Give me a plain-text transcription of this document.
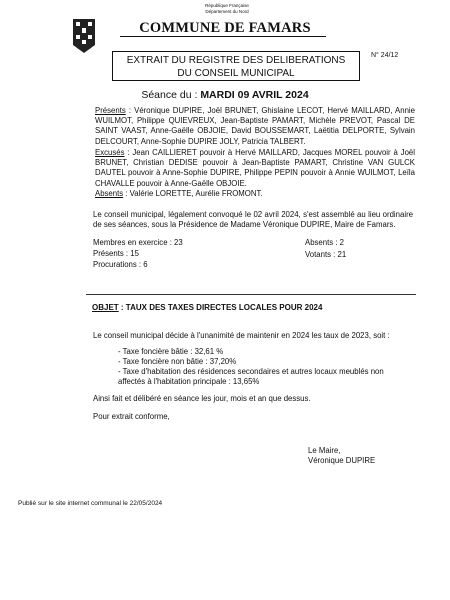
République Française
Département du Nord
COMMUNE DE FAMARS
EXTRAIT DU REGISTRE DES DELIBERATIONS
DU CONSEIL MUNICIPAL
N° 24/12
Séance du : MARDI 09 AVRIL 2024
Présents : Véronique DUPIRE, Joël BRUNET, Ghislaine LECOT, Hervé MAILLARD, Annie WUILMOT, Philippe QUIEVREUX, Jean-Baptiste PAMART, Michèle PREVOT, Pascal DE SAINT VAAST, Anne-Gaëlle OBJOIE, David BOUSSEMART, Laëtitia DELPORTE, Sylvain DELCOURT, Anne-Sophie DUPIRE JOLY, Patricia TALBERT.
Excusés : Jean CAILLIERET pouvoir à Hervé MAILLARD, Jacques MOREL pouvoir à Joël BRUNET, Christian DEDISE pouvoir à Jean-Baptiste PAMART, Christine VAN GULCK DAUTEL pouvoir à Anne-Sophie DUPIRE, Philippe PEPIN pouvoir à Annie WUILMOT, Leïla CHAVALLE pouvoir à Anne-Gaëlle OBJOIE.
Absents : Valérie LORETTE, Aurélie FROMONT.
Le conseil municipal, légalement convoqué le 02 avril 2024, s'est assemblé au lieu ordinaire de ses séances, sous la Présidence de Madame Véronique DUPIRE, Maire de Famars.
Membres en exercice : 23
Présents : 15
Procurations : 6
Absents : 2
Votants : 21
OBJET : TAUX DES TAXES DIRECTES LOCALES POUR 2024
Le conseil municipal décide à l'unanimité de maintenir en 2024 les taux de 2023, soit :
- Taxe foncière bâtie : 32,61 %
- Taxe foncière non bâtie : 37,20%
- Taxe d'habitation des résidences secondaires et autres locaux meublés non affectés à l'habitation principale : 13,65%
Ainsi fait et délibéré en séance les jour, mois et an que dessus.
Pour extrait conforme,
Le Maire,
Véronique DUPIRE
Publié sur le site internet communal le 22/05/2024
